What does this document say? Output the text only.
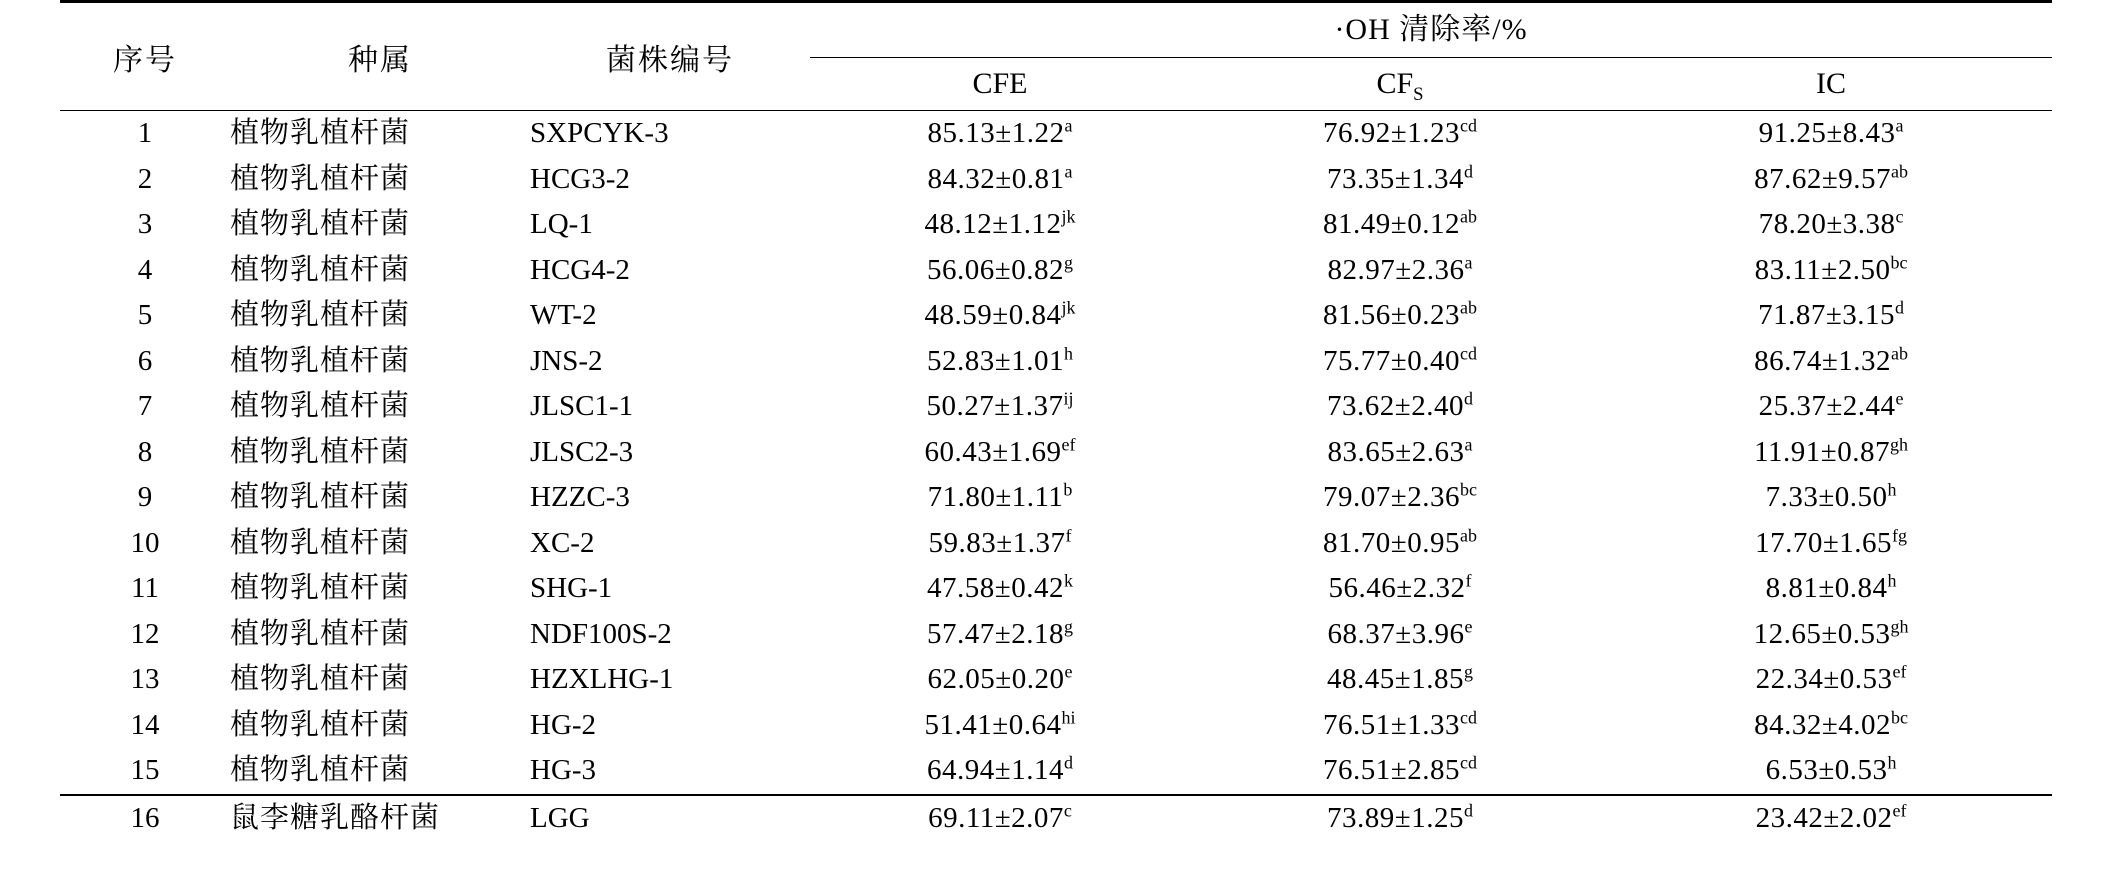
序号	种属	菌株编号	·OH 清除率/%		
			CFE	$CF_S$	IC
1	植物乳植杆菌	SXPCYK-3	85.13±1.22$^a$	76.92±1.23$^{cd}$	91.25±8.43$^a$
2	植物乳植杆菌	HCG3-2	84.32±0.81$^a$	73.35±1.34$^d$	87.62±9.57$^{ab}$
3	植物乳植杆菌	LQ-1	$48.12\pm 1.12^{jk}$	81.49±0.12$^{ab}$	78.20±3.38$^c$
4	植物乳植杆菌	HCG4-2	56.06±0.82$^g$	82.97±2.36$^a$	83.11±2.50$^{bc}$
5	植物乳植杆菌	WT-2	$48.59\pm 0.84^{jk}$	81.56±0.23$^{ab}$	71.87±3.15$^d$
6	植物乳植杆菌	JNS-2	52.83±1.01$^h$	75.77±0.40$^{cd}$	86.74±1.32$^{ab}$
7	植物乳植杆菌	JLSC1-1	$50.27\pm 1.37^{ij}$	73.62±2.40$^d$	25.37±2.44$^e$
8	植物乳植杆菌	JLSC2-3	60.43±1.69$^{ef}$	83.65±2.63$^a$	11.91±0.87$^{gh}$
9	植物乳植杆菌	HZZC-3	71.80±1.11$^b$	79.07±2.36$^{bc}$	7.33±0.50$^h$
10	植物乳植杆菌	XC-2	59.83±1.37$^f$	81.70±0.95$^{ab}$	17.70±1.65$^{fg}$
11	植物乳植杆菌	SHG-1	$47.58\pm 0.42^k$	56.46±2.32$^f$	8.81±0.84$^h$
12	植物乳植杆菌	NDF100S-2	57.47±2.18$^g$	68.37±3.96$^e$	12.65±0.53$^{gh}$
13	植物乳植杆菌	HZXLHG-1	62.05±0.20$^e$	48.45±1.85$^g$	22.34±0.53$^{ef}$
14	植物乳植杆菌	HG-2	$51.41\pm 0.64^{hi}$	76.51±1.33$^{cd}$	84.32±4.02$^{bc}$
15	植物乳植杆菌	HG-3	64.94±1.14$^d$	76.51±2.85$^{cd}$	6.53±0.53$^h$
16	鼠李糖乳酪杆菌	LGG	69.11±2.07$^c$	73.89±1.25$^d$	23.42±2.02$^{ef}$
